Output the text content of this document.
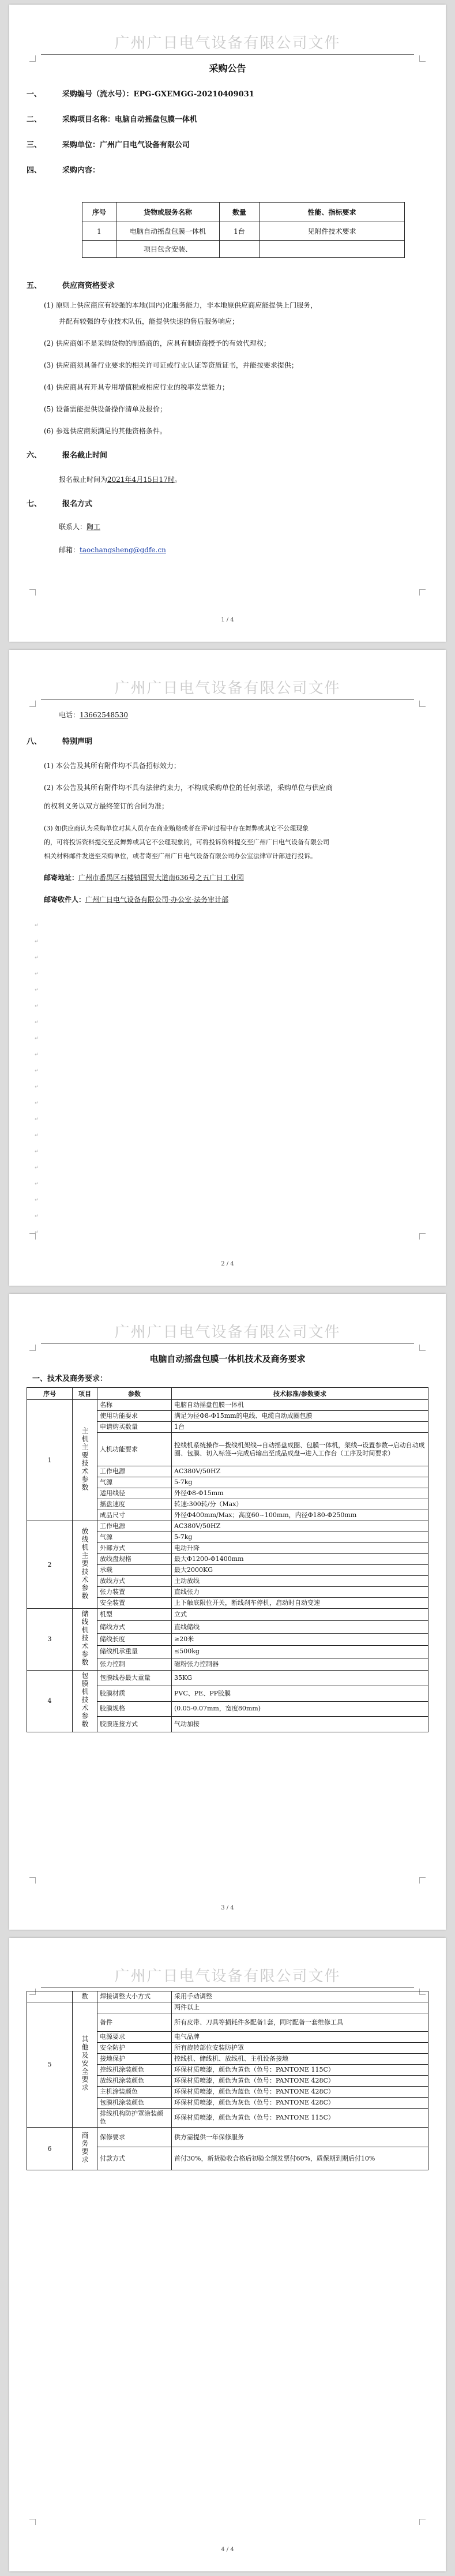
广州广日电气设备有限公司文件
采购公告
一、	采购编号（流水号）：EPG-GXEMGG-20210409031
二、	采购项目名称：电脑自动摇盘包膜一体机
三、	采购单位：广州广日电气设备有限公司
四、	采购内容：
序号	货物或服务名称	数量	性能、指标要求
1	电脑自动摇盘包膜一体机	1台	见附件技术要求
	项目包含安装、		
五、	供应商资格要求
(1) 原则上供应商应有较强的本地(国内)化服务能力，非本地原供应商应能提供上门服务，
并配有较强的专业技术队伍，能提供快速的售后服务响应；
(2) 供应商如不是采购货物的制造商的，应具有制造商授予的有效代理权；
(3) 供应商须具备行业要求的相关许可证或行业认证等资质证书，并能按要求提供；
(4) 供应商具有开具专用增值税或相应行业的税率发票能力；
(5) 设备需能提供设备操作清单及报价；
(6) 参选供应商须满足的其他资格条件。
六、	报名截止时间
报名截止时间为2021年4月15日17时。
七、	报名方式
联系人：陶工
邮箱：taochangsheng@gdfe.cn
1 / 4
广州广日电气设备有限公司文件
电话：13662548530
八、	特别声明
(1) 本公告及其所有附件均不具备招标效力；
(2) 本公告及其所有附件均不具有法律约束力，不构成采购单位的任何承诺，采购单位与供应商
的权利义务以双方最终签订的合同为准；
(3) 如供应商认为采购单位对其人员存在商业贿赂或者在评审过程中存在舞弊或其它不公理现象
的，可将投诉资料提交至反舞弊或其它不公理现象的，可将投诉资料提交至广州广日电气设备有限公司
相关材料邮件发送至采购单位，或者寄至广州广日电气设备有限公司办公室法律审计部进行投诉。
邮寄地址：广州市番禺区石楼镇国贸大道南636号之五广日工业园
邮寄收件人：广州广日电气设备有限公司-办公室-法务审计部
↵
↵
↵
↵
↵
↵
↵
↵
↵
↵
↵
↵
↵
↵
↵
↵
↵
↵
↵
↵
2 / 4
广州广日电气设备有限公司文件
电脑自动摇盘包膜一体机技术及商务要求
一、技术及商务要求：
序号	项目	参数	技术标准/参数要求
1	主机主要技术参数	名称	电脑自动摇盘包膜一体机
		使用功能要求	满足为径Φ8-Φ15mm的电线、电缆自动成圈包膜
		申请购买数量	1台
		人机功能要求	控线机系统操作—拨线机架线→自动摇盘成圈、包膜一体机，架线→设置参数→启动自动成圈、包膜、切入标签→完成后输出至成品成盘→进入工作台（工序及时间要求）
		工作电源	AC380V/50HZ
		气源	5-7kg
		适用线径	外径Φ8-Φ15mm
		摇盘速度	转速:300转/分（Max）
		成品尺寸	外径Φ400mm/Max；高度60~100mm，内径Φ180-Φ250mm
2	放线机主要技术参数	工作电源	AC380V/50HZ
		气源	5-7kg
		外部方式	电动升降
		放线盘规格	最大Φ1200-Φ1400mm
		承载	最大2000KG
		放线方式	主动放线
		张力装置	直线张力
		安全装置	上下触底限位开关，断线刹车停机，启动时自动变速
3	储线机技术参数	机型	立式
		储线方式	直线储线
		储线长度	≥20米
		储线机承重量	≤500kg
		张力控制	磁粉张力控制器
4	包膜机技术参数	包膜线卷最大重量	35KG
		胶膜材质	PVC、PE、PP胶膜
		胶膜规格	(0.05-0.07mm，宽度80mm)
		胶膜连接方式	气动加接
3 / 4
广州广日电气设备有限公司文件
	数	焊接调整大小方式	采用手动调整
5	其他及安全要求		两件以上
		备件	所有皮带、刀具等损耗件多配备1套，同时配备一套维修工具
		电源要求	电气品牌
		安全防护	所有旋转部位安装防护罩
		接地保护	控线机、储线机、放线机、主机设备接地
		控线机涂装颜色	环保材质喷漆，颜色为黄色（色号：PANTONE 115C）
		放线机涂装颜色	环保材质喷漆，颜色为黄色（色号：PANTONE 428C）
		主机涂装颜色	环保材质喷漆，颜色为蓝色（色号：PANTONE 428C）
		包膜机涂装颜色	环保材质喷漆，颜色为灰色（色号：PANTONE 428C）
		排线机构防护罩涂装颜色	环保材质喷漆，颜色为黄色（色号：PANTONE 115C）
6	商务要求	保修要求	供方需提供一年保修服务
		付款方式	首付30%，新货验收合格后初验全额发票付60%，质保期到期后付10%
4 / 4
